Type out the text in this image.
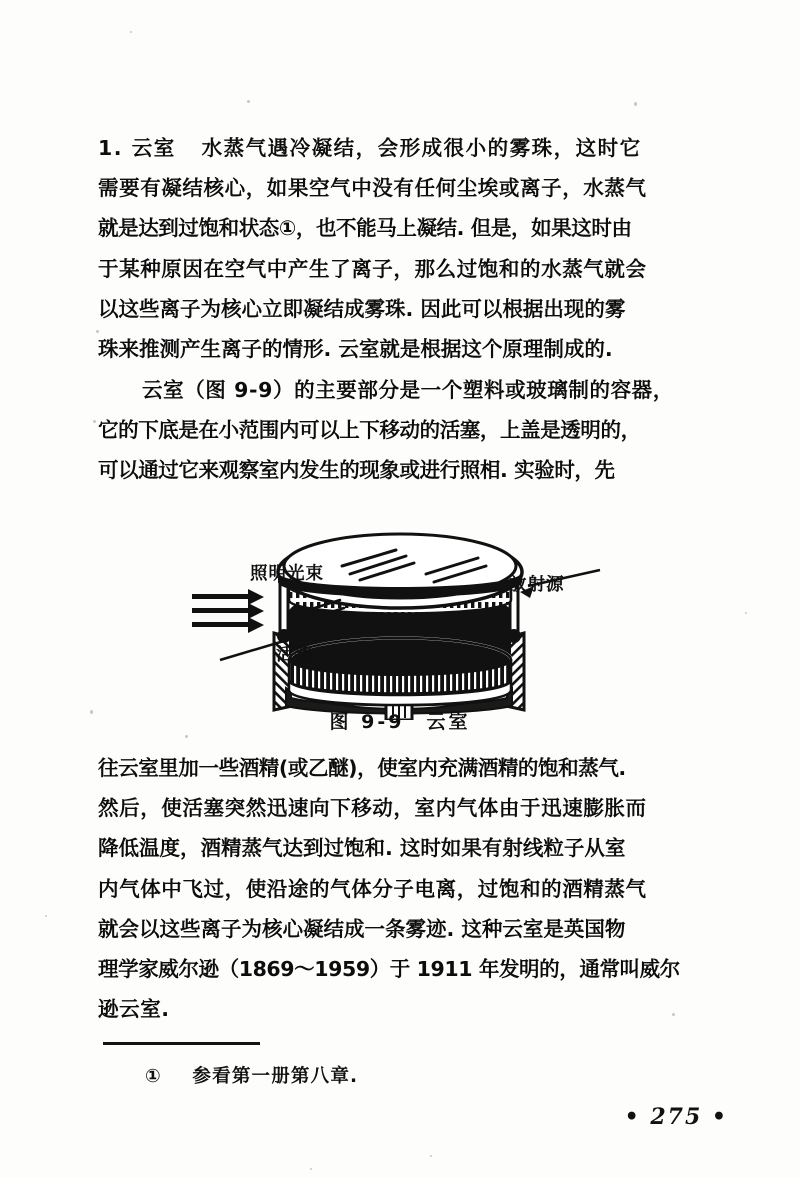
1. 云室   水蒸气遇冷凝结，会形成很小的雾珠，这时它
需要有凝结核心，如果空气中没有任何尘埃或离子，水蒸气
就是达到过饱和状态①，也不能马上凝结. 但是，如果这时由
于某种原因在空气中产生了离子，那么过饱和的水蒸气就会
以这些离子为核心立即凝结成雾珠. 因此可以根据出现的雾
珠来推测产生离子的情形. 云室就是根据这个原理制成的.
云室（图 9-9）的主要部分是一个塑料或玻璃制的容器，
它的下底是在小范围内可以上下移动的活塞，上盖是透明的，
可以通过它来观察室内发生的现象或进行照相. 实验时，先
照明光束
放射源
活塞
图 9-9　云室
往云室里加一些酒精(或乙醚)，使室内充满酒精的饱和蒸气.
然后，使活塞突然迅速向下移动，室内气体由于迅速膨胀而
降低温度，酒精蒸气达到过饱和. 这时如果有射线粒子从室
内气体中飞过，使沿途的气体分子电离，过饱和的酒精蒸气
就会以这些离子为核心凝结成一条雾迹. 这种云室是英国物
理学家威尔逊（1869～1959）于 1911 年发明的，通常叫威尔
逊云室.
①    参看第一册第八章.
• 275 •
